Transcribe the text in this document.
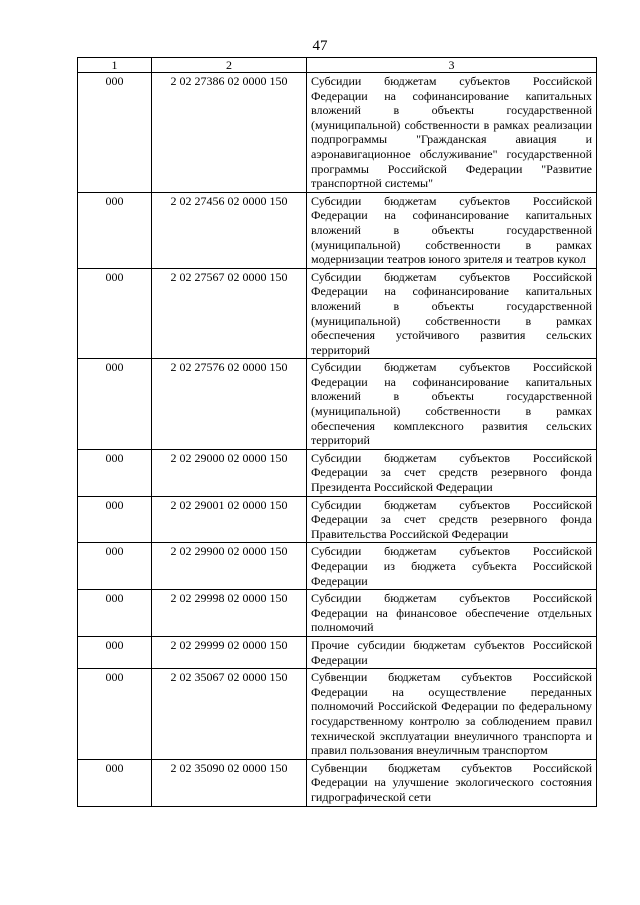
47
1	2	3
000	2 02 27386 02 0000 150	Субсидии бюджетам субъектов Российской Федерации на софинансирование капитальных вложений в объекты государственной (муниципальной) собственности в рамках реализации подпрограммы "Гражданская авиация и аэронавигационное обслуживание" государственной программы Российской Федерации "Развитие транспортной системы"
000	2 02 27456 02 0000 150	Субсидии бюджетам субъектов Российской Федерации на софинансирование капитальных вложений в объекты государственной (муниципальной) собственности в рамках модернизации театров юного зрителя и театров кукол
000	2 02 27567 02 0000 150	Субсидии бюджетам субъектов Российской Федерации на софинансирование капитальных вложений в объекты государственной (муниципальной) собственности в рамках обеспечения устойчивого развития сельских территорий
000	2 02 27576 02 0000 150	Субсидии бюджетам субъектов Российской Федерации на софинансирование капитальных вложений в объекты государственной (муниципальной) собственности в рамках обеспечения комплексного развития сельских территорий
000	2 02 29000 02 0000 150	Субсидии бюджетам субъектов Российской Федерации за счет средств резервного фонда Президента Российской Федерации
000	2 02 29001 02 0000 150	Субсидии бюджетам субъектов Российской Федерации за счет средств резервного фонда Правительства Российской Федерации
000	2 02 29900 02 0000 150	Субсидии бюджетам субъектов Российской Федерации из бюджета субъекта Российской Федерации
000	2 02 29998 02 0000 150	Субсидии бюджетам субъектов Российской Федерации на финансовое обеспечение отдельных полномочий
000	2 02 29999 02 0000 150	Прочие субсидии бюджетам субъектов Российской Федерации
000	2 02 35067 02 0000 150	Субвенции бюджетам субъектов Российской Федерации на осуществление переданных полномочий Российской Федерации по федеральному государственному контролю за соблюдением правил технической эксплуатации внеуличного транспорта и правил пользования внеуличным транспортом
000	2 02 35090 02 0000 150	Субвенции бюджетам субъектов Российской Федерации на улучшение экологического состояния гидрографической сети
